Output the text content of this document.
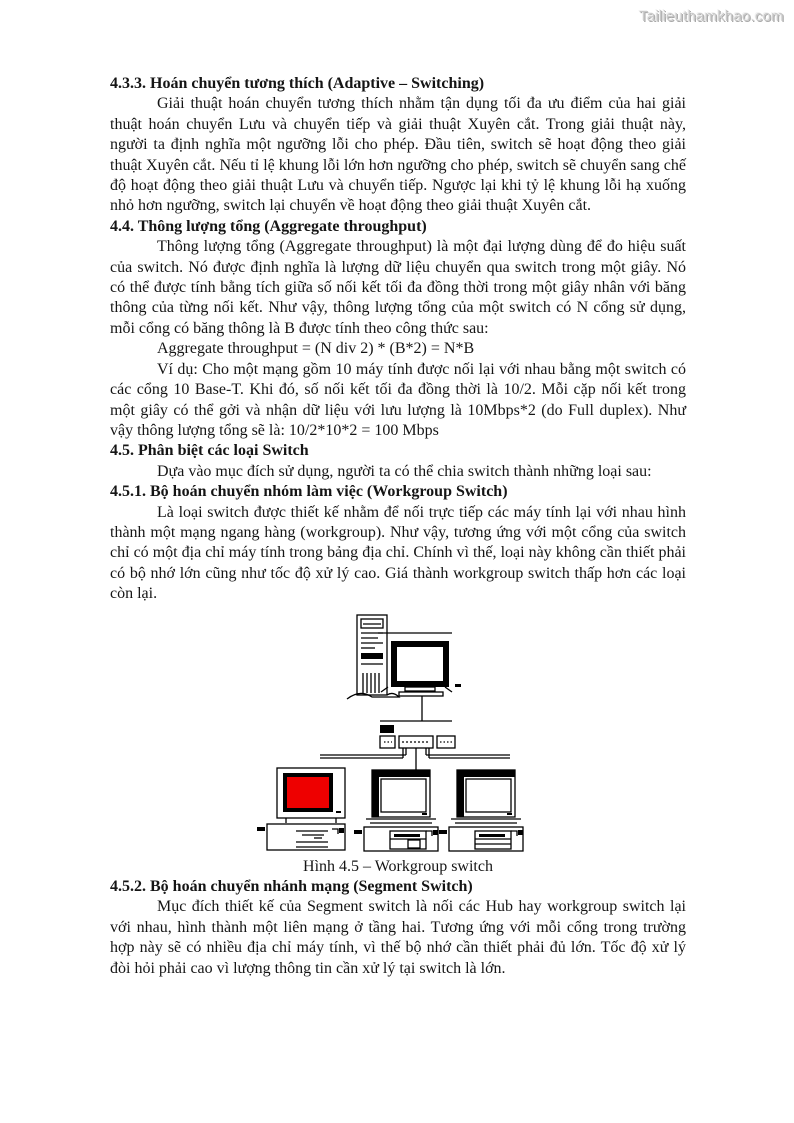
Tailieuthamkhao.com
4.3.3. Hoán chuyển tương thích (Adaptive – Switching)

Giải thuật hoán chuyển tương thích nhằm tận dụng tối đa ưu điểm của hai giải thuật hoán chuyển Lưu và chuyển tiếp và giải thuật Xuyên cắt. Trong giải thuật này, người ta định nghĩa một ngưỡng lỗi cho phép. Đầu tiên, switch sẽ hoạt động theo giải thuật Xuyên cắt. Nếu tỉ lệ khung lỗi lớn hơn ngưỡng cho phép, switch sẽ chuyển sang chế độ hoạt động theo giải thuật Lưu và chuyển tiếp. Ngược lại khi tỷ lệ khung lỗi hạ xuống nhỏ hơn ngưỡng, switch lại chuyển về hoạt động theo giải thuật Xuyên cắt.

4.4. Thông lượng tổng (Aggregate throughput)

Thông lượng tổng (Aggregate throughput) là một đại lượng dùng để đo hiệu suất của switch. Nó được định nghĩa là lượng dữ liệu chuyển qua switch trong một giây. Nó có thể được tính bằng tích giữa số nối kết tối đa đồng thời trong một giây nhân với băng thông của từng nối kết. Như vậy, thông lượng tổng của một switch có N cổng sử dụng, mỗi cổng có băng thông là B được tính theo công thức sau:

Aggregate throughput = (N div 2) * (B*2) = N*B

Ví dụ: Cho một mạng gồm 10 máy tính được nối lại với nhau bằng một switch có các cổng 10 Base-T. Khi đó, số nối kết tối đa đồng thời là 10/2. Mỗi cặp nối kết trong một giây có thể gởi và nhận dữ liệu với lưu lượng là 10Mbps*2 (do Full duplex). Như vậy thông lượng tổng sẽ là: 10/2*10*2 = 100 Mbps

4.5. Phân biệt các loại Switch

Dựa vào mục đích sử dụng, người ta có thể chia switch thành những loại sau:

4.5.1. Bộ hoán chuyển nhóm làm việc (Workgroup Switch)

Là loại switch được thiết kế nhằm để nối trực tiếp các máy tính lại với nhau hình thành một mạng ngang hàng (workgroup). Như vậy, tương ứng với một cổng của switch chỉ có một địa chỉ máy tính trong bảng địa chỉ. Chính vì thế, loại này không cần thiết phải có bộ nhớ lớn cũng như tốc độ xử lý cao. Giá thành workgroup switch thấp hơn các loại còn lại.

Hình 4.5 – Workgroup switch
4.5.2. Bộ hoán chuyển nhánh mạng (Segment Switch)

Mục đích thiết kế của Segment switch là nối các Hub hay workgroup switch lại với nhau, hình thành một liên mạng ở tầng hai. Tương ứng với mỗi cổng trong trường hợp này sẽ có nhiều địa chỉ máy tính, vì thế bộ nhớ cần thiết phải đủ lớn. Tốc độ xử lý đòi hỏi phải cao vì lượng thông tin cần xử lý tại switch là lớn.
